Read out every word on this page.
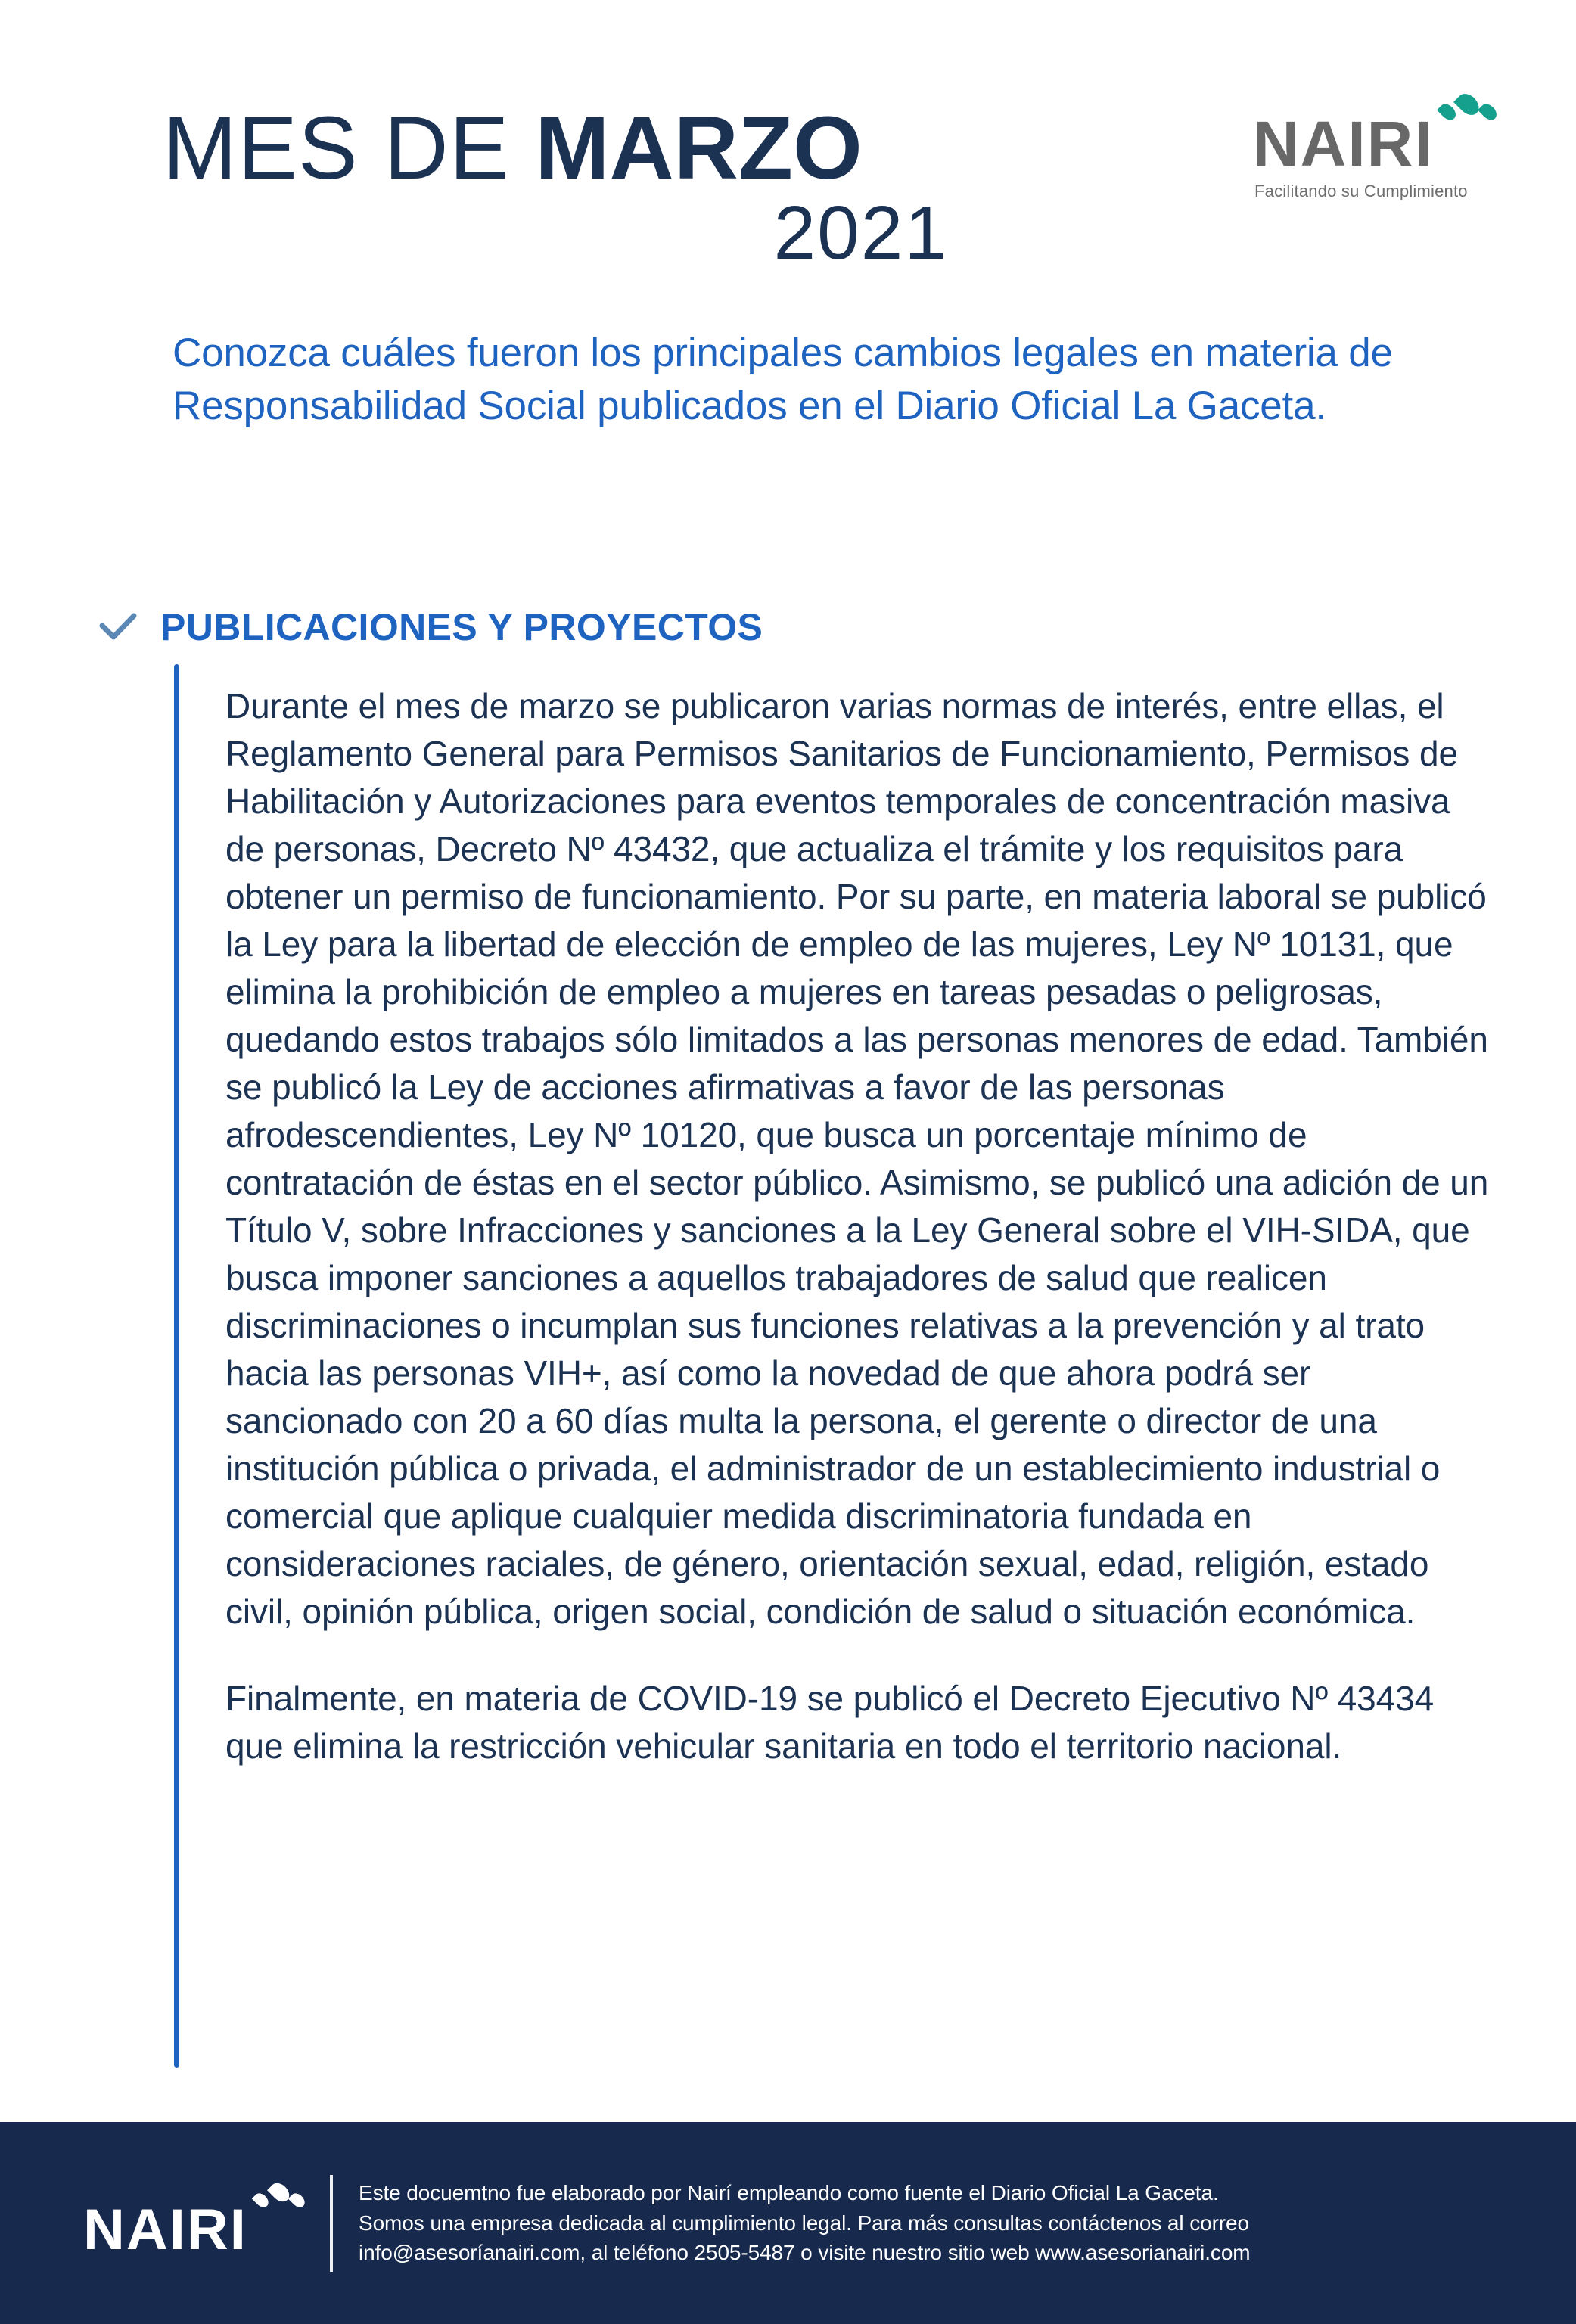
MES DE MARZO
2021
NAIRI
Facilitando su Cumplimiento
Conozca cuáles fueron los principales cambios legales en materia de Responsabilidad Social publicados en el Diario Oficial La Gaceta.
PUBLICACIONES Y PROYECTOS

Durante el mes de marzo se publicaron varias normas de interés, entre ellas, el Reglamento General para Permisos Sanitarios de Funcionamiento, Permisos de Habilitación y Autorizaciones para eventos temporales de concentración masiva de personas, Decreto Nº 43432, que actualiza el trámite y los requisitos para obtener un permiso de funcionamiento. Por su parte, en materia laboral se publicó la Ley para la libertad de elección de empleo de las mujeres, Ley Nº 10131, que elimina la prohibición de empleo a mujeres en tareas pesadas o peligrosas, quedando estos trabajos sólo limitados a las personas menores de edad. También se publicó la Ley de acciones afirmativas a favor de las personas afrodescendientes, Ley Nº 10120, que busca un porcentaje mínimo de contratación de éstas en el sector público. Asimismo, se publicó una adición de un Título V, sobre Infracciones y sanciones a la Ley General sobre el VIH-SIDA, que busca imponer sanciones a aquellos trabajadores de salud que realicen discriminaciones o incumplan sus funciones relativas a la prevención y al trato hacia las personas VIH+, así como la novedad de que ahora podrá ser sancionado con 20 a 60 días multa la persona, el gerente o director de una institución pública o privada, el administrador de un establecimiento industrial o comercial que aplique cualquier medida discriminatoria fundada en consideraciones raciales, de género, orientación sexual, edad, religión, estado civil, opinión pública, origen social, condición de salud o situación económica.

Finalmente, en materia de COVID-19 se publicó el Decreto Ejecutivo Nº 43434 que elimina la restricción vehicular sanitaria en todo el territorio nacional.

NAIRI
Este docuemtno fue elaborado por Nairí empleando como fuente el Diario Oficial La Gaceta.
Somos una empresa dedicada al cumplimiento legal. Para más consultas contáctenos al correo
info@asesoríanairi.com, al teléfono 2505-5487 o visite nuestro sitio web www.asesorianairi.com
